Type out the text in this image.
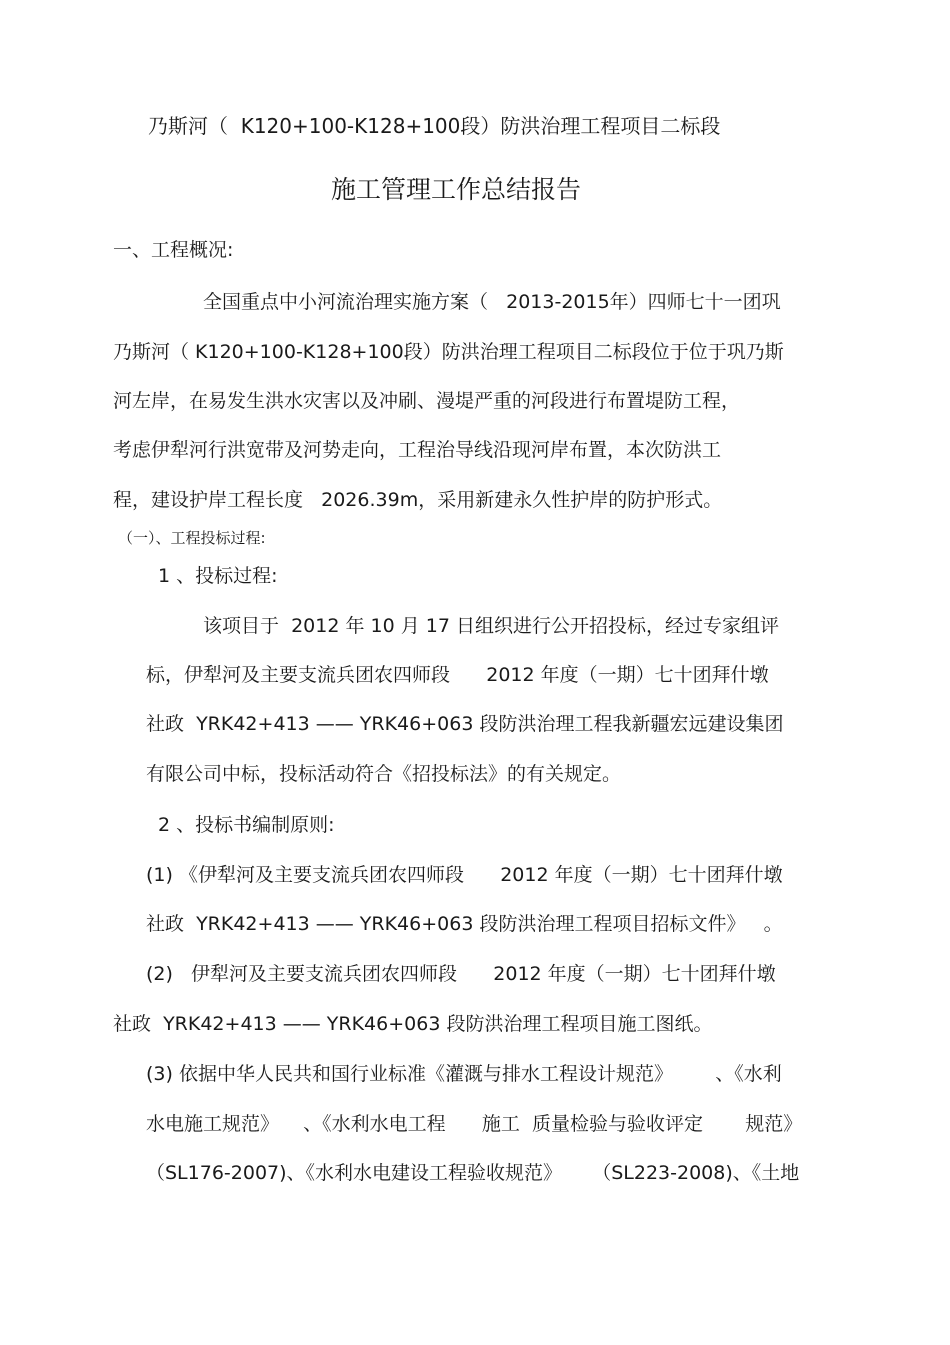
乃斯河（  K120+100-K128+100段）防洪治理工程项目二标段
施工管理工作总结报告
一、工程概况:
全国重点中小河流治理实施方案（   2013-2015年）四师七十一团巩
乃斯河（ K120+100-K128+100段）防洪治理工程项目二标段位于位于巩乃斯
河左岸，在易发生洪水灾害以及冲刷、漫堤严重的河段进行布置堤防工程，
考虑伊犁河行洪宽带及河势走向，工程治导线沿现河岸布置，本次防洪工
程，建设护岸工程长度   2026.39m，采用新建永久性护岸的防护形式。
（一）、工程投标过程:
1 、投标过程:
该项目于  2012 年 10 月 17 日组织进行公开招投标，经过专家组评
标，伊犁河及主要支流兵团农四师段      2012 年度（一期）七十团拜什墩
社政  YRK42+413 —— YRK46+063 段防洪治理工程我新疆宏远建设集团
有限公司中标，投标活动符合《招投标法》的有关规定。
2 、投标书编制原则:
(1) 《伊犁河及主要支流兵团农四师段      2012 年度（一期）七十团拜什墩
社政  YRK42+413 —— YRK46+063 段防洪治理工程项目招标文件》   。
(2)   伊犁河及主要支流兵团农四师段      2012 年度（一期）七十团拜什墩
社政  YRK42+413 —— YRK46+063 段防洪治理工程项目施工图纸。
(3) 依据中华人民共和国行业标准《灌溉与排水工程设计规范》       、《水利
水电施工规范》    、《水利水电工程      施工  质量检验与验收评定       规范》
（SL176-2007)、《水利水电建设工程验收规范》     （SL223-2008)、《土地
